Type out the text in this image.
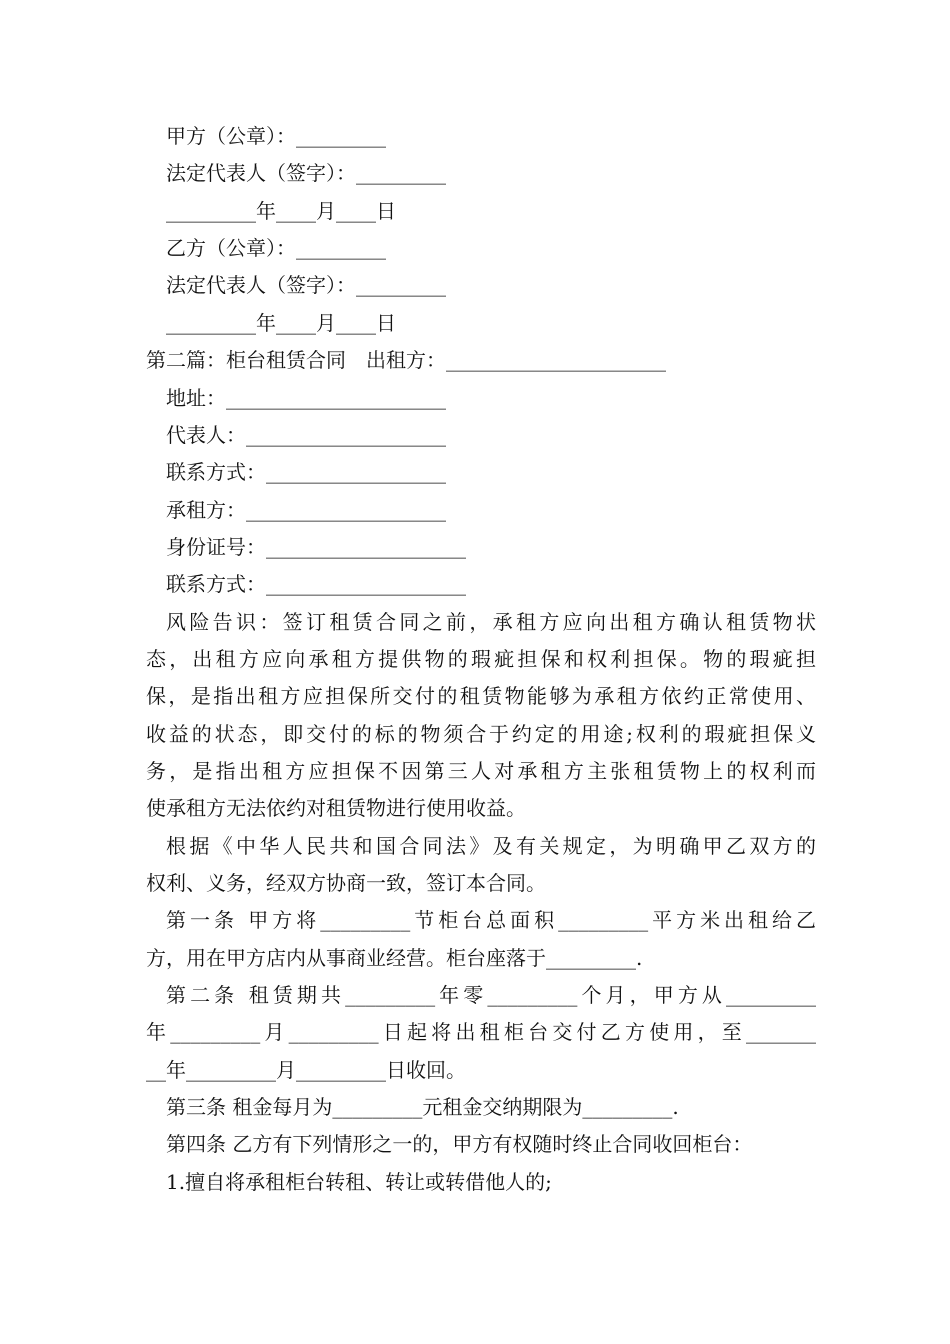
甲方（公章）：_________
法定代表人（签字）：_________
_________年____月____日
乙方（公章）：_________
法定代表人（签字）：_________
_________年____月____日
第二篇：柜台租赁合同　出租方：______________________
地址：______________________
代表人：____________________
联系方式：__________________
承租方：____________________
身份证号：____________________
联系方式：____________________
风险告识：签订租赁合同之前，承租方应向出租方确认租赁物状
态，出租方应向承租方提供物的瑕疵担保和权利担保。物的瑕疵担
保，是指出租方应担保所交付的租赁物能够为承租方依约正常使用、
收益的状态，即交付的标的物须合于约定的用途;权利的瑕疵担保义
务，是指出租方应担保不因第三人对承租方主张租赁物上的权利而
使承租方无法依约对租赁物进行使用收益。
根据《中华人民共和国合同法》及有关规定，为明确甲乙双方的
权利、义务，经双方协商一致，签订本合同。
第一条 甲方将_________节柜台总面积_________平方米出租给乙
方，用在甲方店内从事商业经营。柜台座落于_________.
第二条 租赁期共_________年零_________个月，甲方从_________
年_________月_________日起将出租柜台交付乙方使用，至_______
__年_________月_________日收回。
第三条 租金每月为_________元租金交纳期限为_________.
第四条 乙方有下列情形之一的，甲方有权随时终止合同收回柜台：
1.擅自将承租柜台转租、转让或转借他人的;
